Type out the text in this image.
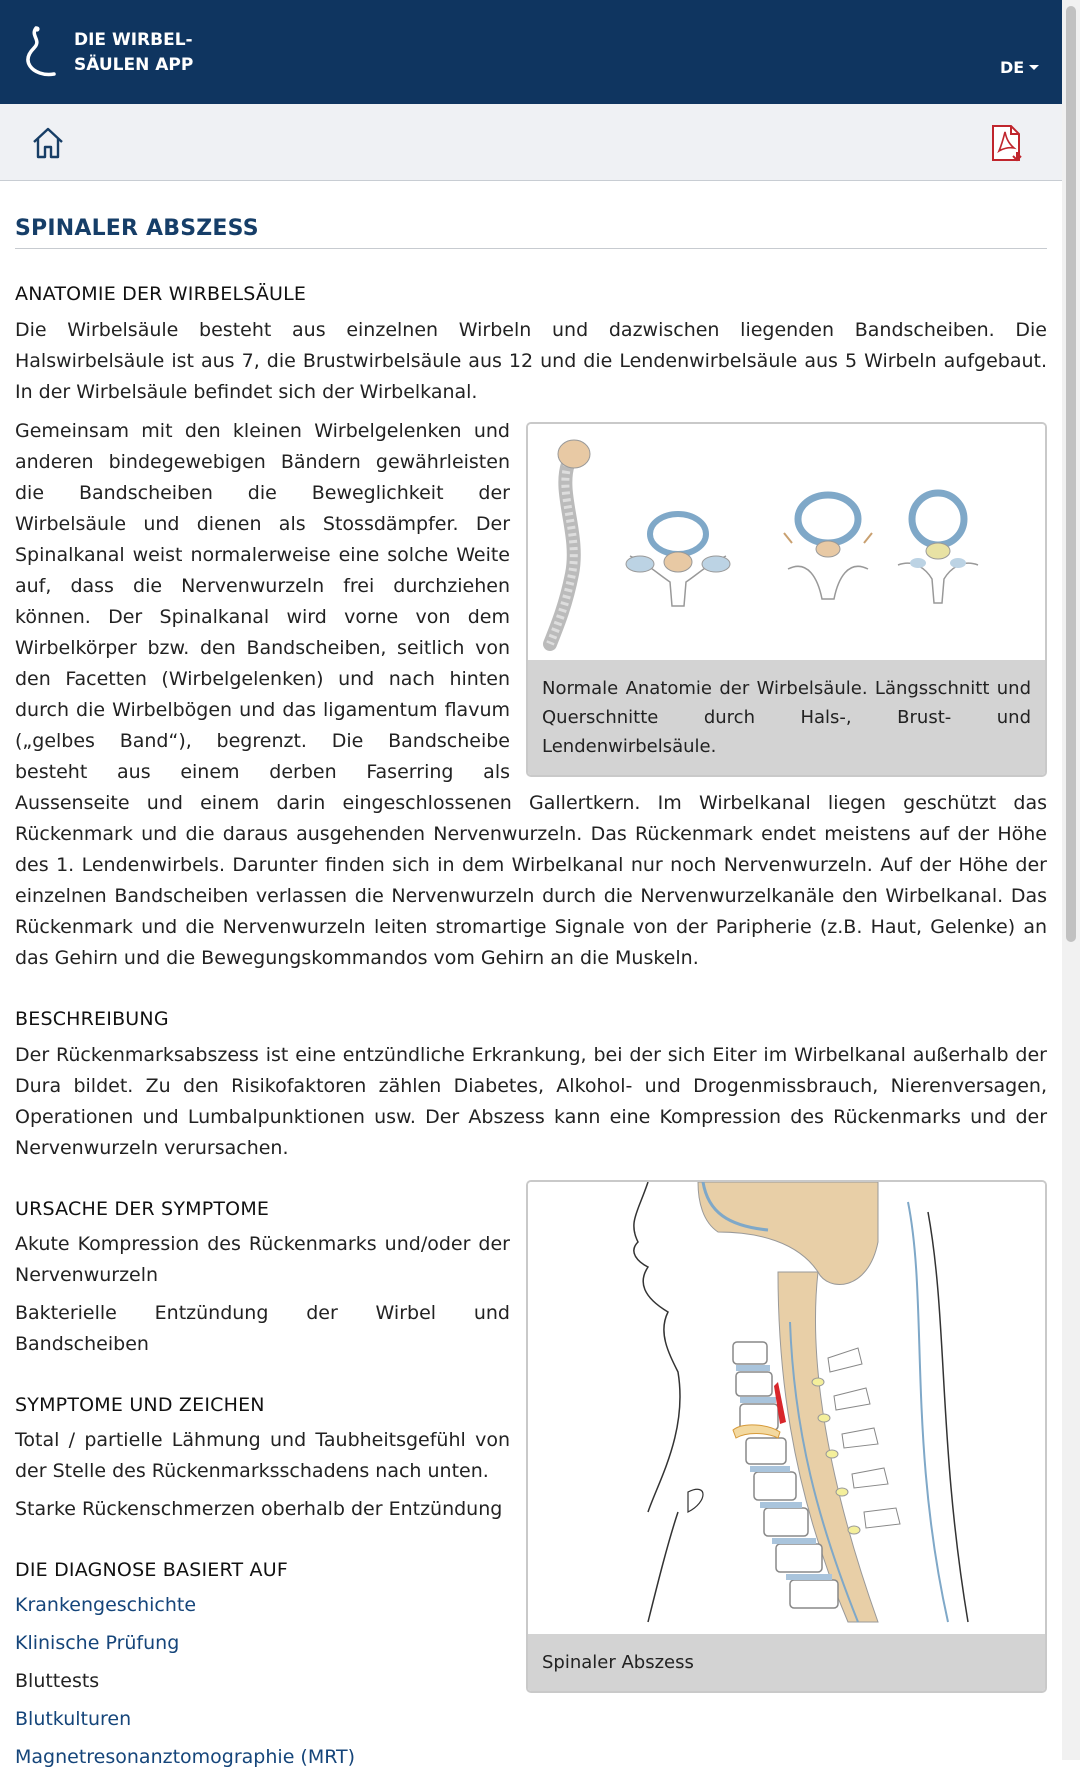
DIE WIRBEL-
SÄULEN APP	DE
SPINALER ABSZESS
ANATOMIE DER WIRBELSÄULE

Die Wirbelsäule besteht aus einzelnen Wirbeln und dazwischen liegenden Bandscheiben. Die Halswirbelsäule ist aus 7, die Brustwirbelsäule aus 12 und die Lendenwirbelsäule aus 5 Wirbeln aufgebaut. In der Wirbelsäule befindet sich der Wirbelkanal.

Normale Anatomie der Wirbelsäule. Längsschnitt und Querschnitte durch Hals-, Brust- und Lendenwirbelsäule.

Gemeinsam mit den kleinen Wirbelgelenken und anderen bindegewebigen Bändern gewährleisten die Bandscheiben die Beweglichkeit der Wirbelsäule und dienen als Stossdämpfer. Der Spinalkanal weist normalerweise eine solche Weite auf, dass die Nervenwurzeln frei durchziehen können. Der Spinalkanal wird vorne von dem Wirbelkörper bzw. den Bandscheiben, seitlich von den Facetten (Wirbelgelenken) und nach hinten durch die Wirbelbögen und das ligamentum flavum („gelbes Band“), begrenzt. Die Bandscheibe besteht aus einem derben Faserring als Aussenseite und einem darin eingeschlossenen Gallertkern. Im Wirbelkanal liegen geschützt das Rückenmark und die daraus ausgehenden Nervenwurzeln. Das Rückenmark endet meistens auf der Höhe des 1. Lendenwirbels. Darunter finden sich in dem Wirbelkanal nur noch Nervenwurzeln. Auf der Höhe der einzelnen Bandscheiben verlassen die Nervenwurzeln durch die Nervenwurzelkanäle den Wirbelkanal. Das Rückenmark und die Nervenwurzeln leiten stromartige Signale von der Paripherie (z.B. Haut, Gelenke) an das Gehirn und die Bewegungskommandos vom Gehirn an die Muskeln.

BESCHREIBUNG

Der Rückenmarksabszess ist eine entzündliche Erkrankung, bei der sich Eiter im Wirbelkanal außerhalb der Dura bildet. Zu den Risikofaktoren zählen Diabetes, Alkohol- und Drogenmissbrauch, Nierenversagen, Operationen und Lumbalpunktionen usw. Der Abszess kann eine Kompression des Rückenmarks und der Nervenwurzeln verursachen.

Spinaler Abszess
URSACHE DER SYMPTOME
Akute Kompression des Rückenmarks und/oder der Nervenwurzeln
Bakterielle Entzündung der Wirbel und Bandscheiben
SYMPTOME UND ZEICHEN
Total / partielle Lähmung und Taubheitsgefühl von der Stelle des Rückenmarksschadens nach unten.
Starke Rückenschmerzen oberhalb der Entzündung
DIE DIAGNOSE BASIERT AUF
Krankengeschichte
Klinische Prüfung
Bluttests
Blutkulturen
Magnetresonanztomographie (MRT)
